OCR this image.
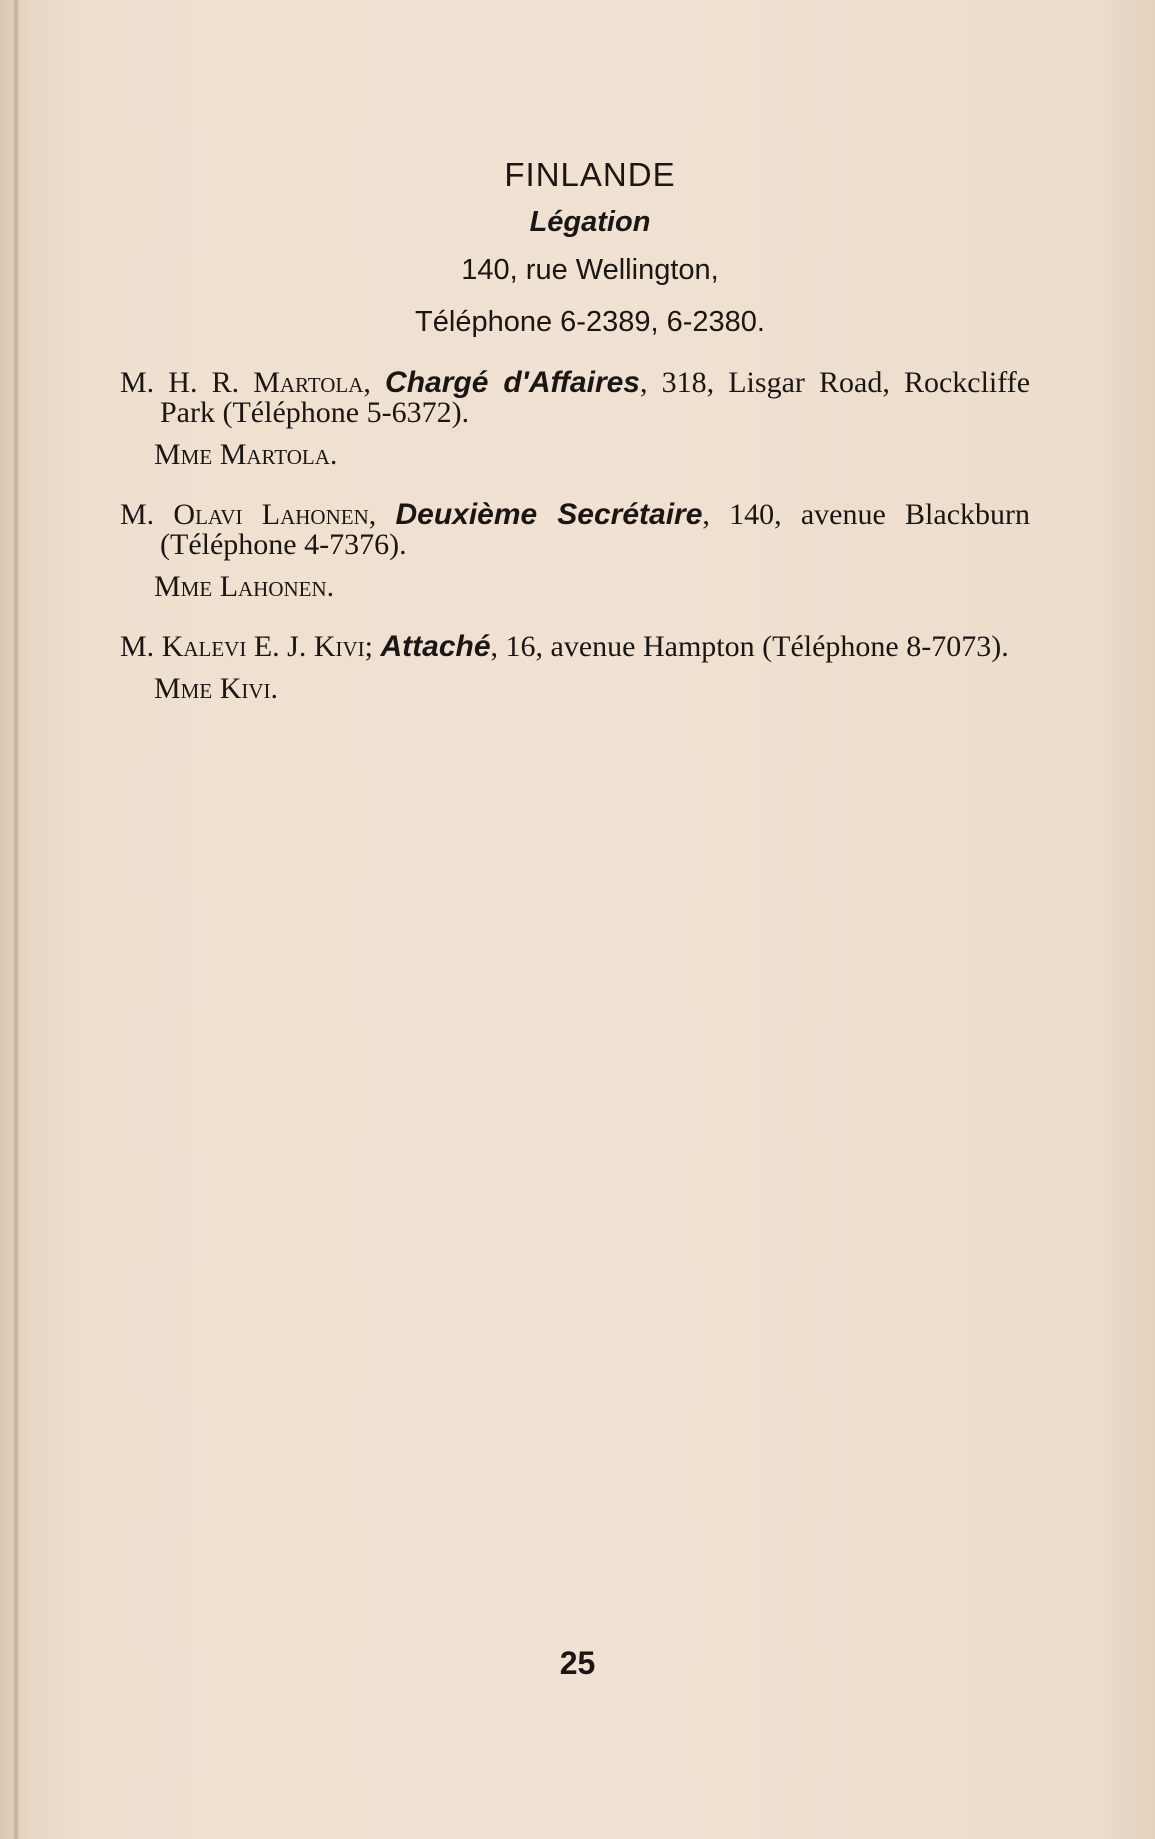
FINLANDE
Légation
140, rue Wellington,
Téléphone 6-2389, 6-2380.
M. H. R. Martola, Chargé d'Affaires, 318, Lisgar Road, Rockcliffe Park (Téléphone 5-6372).
Mme Martola.
M. Olavi Lahonen, Deuxième Secrétaire, 140, avenue Blackburn (Téléphone 4-7376).
Mme Lahonen.
M. Kalevi E. J. Kivi; Attaché, 16, avenue Hampton (Téléphone 8-7073).
Mme Kivi.
25
